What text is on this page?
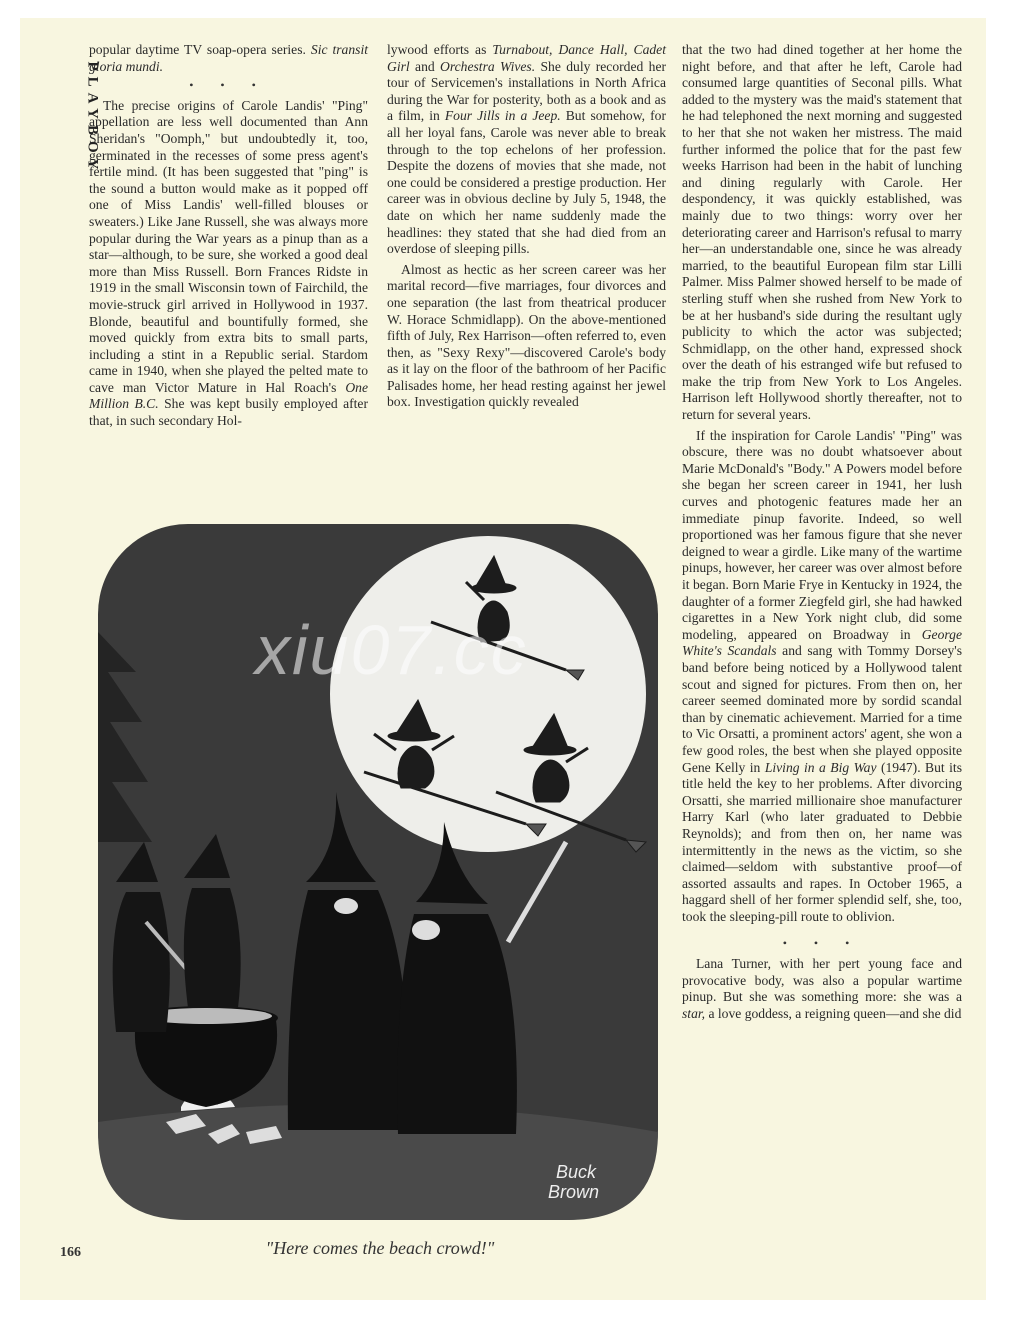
PLAYBOY

popular daytime TV soap-opera series. Sic transit gloria mundi.

• • •

The precise origins of Carole Landis' "Ping" appellation are less well documented than Ann Sheridan's "Oomph," but undoubtedly it, too, germinated in the recesses of some press agent's fertile mind. (It has been suggested that "ping" is the sound a button would make as it popped off one of Miss Landis' well-filled blouses or sweaters.) Like Jane Russell, she was always more popular during the War years as a pinup than as a star—although, to be sure, she worked a good deal more than Miss Russell. Born Frances Ridste in 1919 in the small Wisconsin town of Fairchild, the movie-struck girl arrived in Hollywood in 1937. Blonde, beautiful and bountifully formed, she moved quickly from extra bits to small parts, including a stint in a Republic serial. Stardom came in 1940, when she played the pelted mate to cave man Victor Mature in Hal Roach's One Million B.C. She was kept busily employed after that, in such secondary Hol-

lywood efforts as Turnabout, Dance Hall, Cadet Girl and Orchestra Wives. She duly recorded her tour of Servicemen's installations in North Africa during the War for posterity, both as a book and as a film, in Four Jills in a Jeep. But somehow, for all her loyal fans, Carole was never able to break through to the top echelons of her profession. Despite the dozens of movies that she made, not one could be considered a prestige production. Her career was in obvious decline by July 5, 1948, the date on which her name suddenly made the headlines: they stated that she had died from an overdose of sleeping pills.

Almost as hectic as her screen career was her marital record—five marriages, four divorces and one separation (the last from theatrical producer W. Horace Schmidlapp). On the above-mentioned fifth of July, Rex Harrison—often referred to, even then, as "Sexy Rexy"—discovered Carole's body as it lay on the floor of the bathroom of her Pacific Palisades home, her head resting against her jewel box. Investigation quickly revealed

that the two had dined together at her home the night before, and that after he left, Carole had consumed large quantities of Seconal pills. What added to the mystery was the maid's statement that he had telephoned the next morning and suggested to her that she not waken her mistress. The maid further informed the police that for the past few weeks Harrison had been in the habit of lunching and dining regularly with Carole. Her despondency, it was quickly established, was mainly due to two things: worry over her deteriorating career and Harrison's refusal to marry her—an understandable one, since he was already married, to the beautiful European film star Lilli Palmer. Miss Palmer showed herself to be made of sterling stuff when she rushed from New York to be at her husband's side during the resultant ugly publicity to which the actor was subjected; Schmidlapp, on the other hand, expressed shock over the death of his estranged wife but refused to make the trip from New York to Los Angeles. Harrison left Hollywood shortly thereafter, not to return for several years.

If the inspiration for Carole Landis' "Ping" was obscure, there was no doubt whatsoever about Marie McDonald's "Body." A Powers model before she began her screen career in 1941, her lush curves and photogenic features made her an immediate pinup favorite. Indeed, so well proportioned was her famous figure that she never deigned to wear a girdle. Like many of the wartime pinups, however, her career was over almost before it began. Born Marie Frye in Kentucky in 1924, the daughter of a former Ziegfeld girl, she had hawked cigarettes in a New York night club, did some modeling, appeared on Broadway in George White's Scandals and sang with Tommy Dorsey's band before being noticed by a Hollywood talent scout and signed for pictures. From then on, her career seemed dominated more by sordid scandal than by cinematic achievement. Married for a time to Vic Orsatti, a prominent actors' agent, she won a few good roles, the best when she played opposite Gene Kelly in Living in a Big Way (1947). But its title held the key to her problems. After divorcing Orsatti, she married millionaire shoe manufacturer Harry Karl (who later graduated to Debbie Reynolds); and from then on, her name was intermittently in the news as the victim, so she claimed—seldom with substantive proof—of assorted assaults and rapes. In October 1965, a haggard shell of her former splendid self, she, too, took the sleeping-pill route to oblivion.

• • •

Lana Turner, with her pert young face and provocative body, was also a popular wartime pinup. But she was something more: she was a star, a love goddess, a reigning queen—and she did

Buck
Brown
xiu07.cc
"Here comes the beach crowd!"
166
